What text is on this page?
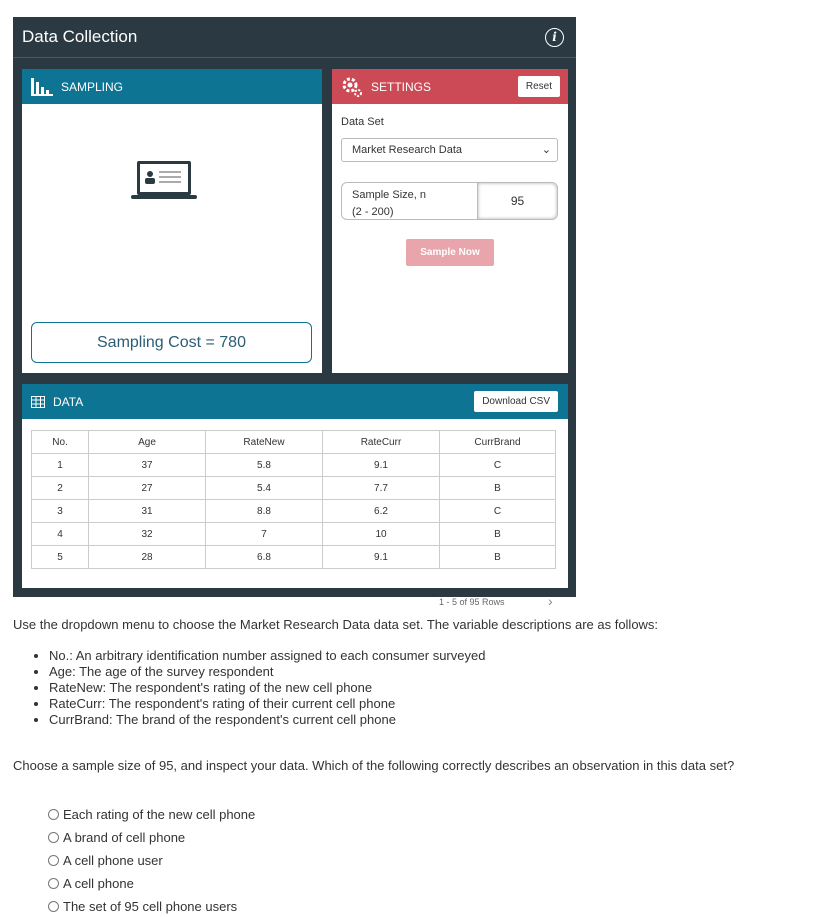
Data Collection	i
SAMPLING
Sampling Cost = 780
SETTINGS	Reset
Data Set
Market Research Data	⌄
Sample Size, n
(2 - 200)
95
Sample Now
DATA	Download CSV
No.	Age	RateNew	RateCurr	CurrBrand
1	37	5.8	9.1	C
2	27	5.4	7.7	B
3	31	8.8	6.2	C
4	32	7	10	B
5	28	6.8	9.1	B
1 - 5 of 95 Rows	›
Use the dropdown menu to choose the Market Research Data data set. The variable descriptions are as follows:
• No.: An arbitrary identification number assigned to each consumer surveyed
• Age: The age of the survey respondent
• RateNew: The respondent's rating of the new cell phone
• RateCurr: The respondent's rating of their current cell phone
• CurrBrand: The brand of the respondent's current cell phone
Choose a sample size of 95, and inspect your data. Which of the following correctly describes an observation in this data set?
Each rating of the new cell phone
A brand of cell phone
A cell phone user
A cell phone
The set of 95 cell phone users
